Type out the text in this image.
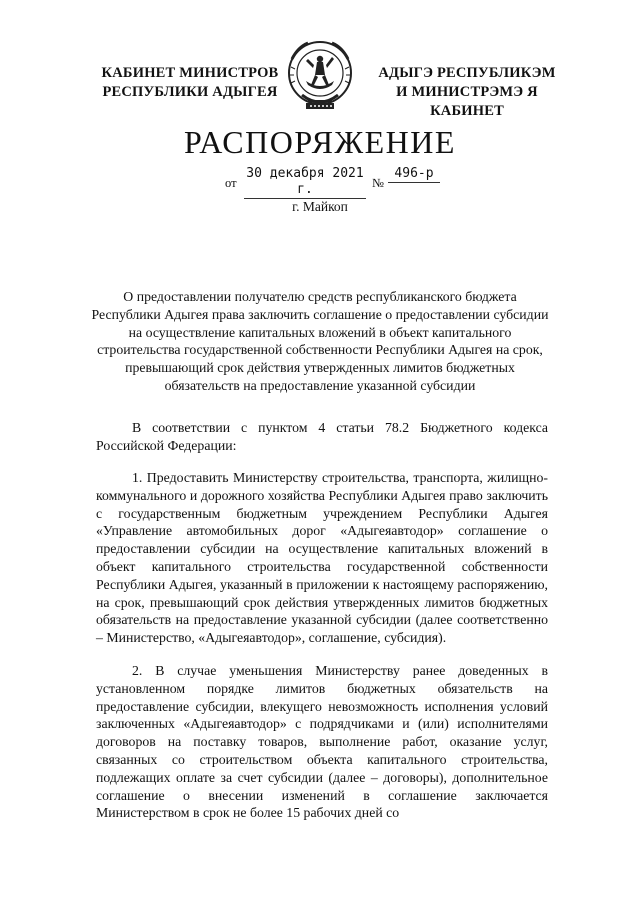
КАБИНЕТ МИНИСТРОВ
РЕСПУБЛИКИ АДЫГЕЯ
АДЫГЭ РЕСПУБЛИКЭМ
И МИНИСТРЭМЭ Я КАБИНЕТ
РАСПОРЯЖЕНИЕ
от
30 декабря 2021 г.	№
496-р
г. Майкоп
О предоставлении получателю средств республиканского бюджета Республики Адыгея права заключить соглашение о предоставлении субсидии на осуществление капитальных вложений в объект капитального строительства государственной собственности Республики Адыгея на срок, превышающий срок действия утвержденных лимитов бюджетных обязательств на предоставление указанной субсидии

В соответствии с пунктом 4 статьи 78.2 Бюджетного кодекса Российской Федерации:

1. Предоставить Министерству строительства, транспорта, жилищно-коммунального и дорожного хозяйства Республики Адыгея право заключить с государственным бюджетным учреждением Республики Адыгея «Управление автомобильных дорог «Адыгеяавтодор» соглашение о предоставлении субсидии на осуществление капитальных вложений в объект капитального строительства государственной собственности Республики Адыгея, указанный в приложении к настоящему распоряжению, на срок, превышающий срок действия утвержденных лимитов бюджетных обязательств на предоставление указанной субсидии (далее соответственно – Министерство, «Адыгеяавтодор», соглашение, субсидия).

2. В случае уменьшения Министерству ранее доведенных в установленном порядке лимитов бюджетных обязательств на предоставление субсидии, влекущего невозможность исполнения условий заключенных «Адыгеяавтодор» с подрядчиками и (или) исполнителями договоров на поставку товаров, выполнение работ, оказание услуг, связанных со строительством объекта капитального строительства, подлежащих оплате за счет субсидии (далее – договоры), дополнительное соглашение о внесении изменений в соглашение заключается Министерством в срок не более 15 рабочих дней со
